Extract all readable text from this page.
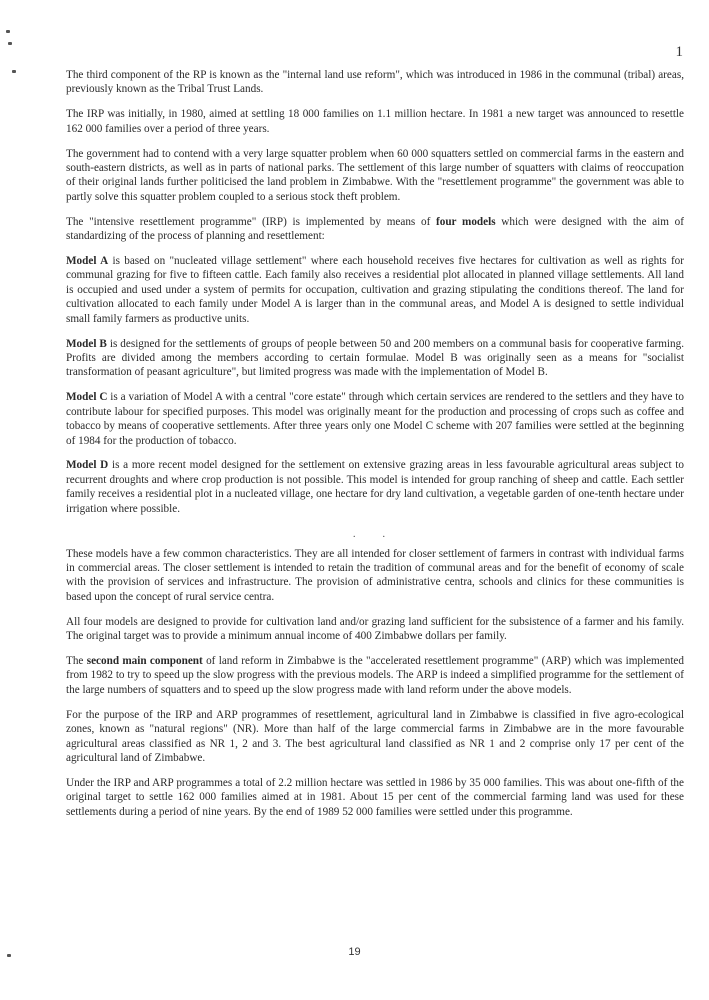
1

The third component of the RP is known as the "internal land use reform", which was introduced in 1986 in the communal (tribal) areas, previously known as the Tribal Trust Lands.

The IRP was initially, in 1980, aimed at settling 18 000 families on 1.1 million hectare. In 1981 a new target was announced to resettle 162 000 families over a period of three years.

The government had to contend with a very large squatter problem when 60 000 squatters settled on commercial farms in the eastern and south-eastern districts, as well as in parts of national parks. The settlement of this large number of squatters with claims of reoccupation of their original lands further politicised the land problem in Zimbabwe. With the "resettlement programme" the government was able to partly solve this squatter problem coupled to a serious stock theft problem.

The "intensive resettlement programme" (IRP) is implemented by means of four models which were designed with the aim of standardizing of the process of planning and resettlement:

Model A is based on "nucleated village settlement" where each household receives five hectares for cultivation as well as rights for communal grazing for five to fifteen cattle. Each family also receives a residential plot allocated in planned village settlements. All land is occupied and used under a system of permits for occupation, cultivation and grazing stipulating the conditions thereof. The land for cultivation allocated to each family under Model A is larger than in the communal areas, and Model A is designed to settle individual small family farmers as productive units.

Model B is designed for the settlements of groups of people between 50 and 200 members on a communal basis for cooperative farming. Profits are divided among the members according to certain formulae. Model B was originally seen as a means for "socialist transformation of peasant agriculture", but limited progress was made with the implementation of Model B.

Model C is a variation of Model A with a central "core estate" through which certain services are rendered to the settlers and they have to contribute labour for specified purposes. This model was originally meant for the production and processing of crops such as coffee and tobacco by means of cooperative settlements. After three years only one Model C scheme with 207 families were settled at the beginning of 1984 for the production of tobacco.

Model D is a more recent model designed for the settlement on extensive grazing areas in less favourable agricultural areas subject to recurrent droughts and where crop production is not possible. This model is intended for group ranching of sheep and cattle. Each settler family receives a residential plot in a nucleated village, one hectare for dry land cultivation, a vegetable garden of one-tenth hectare under irrigation where possible.

. .

These models have a few common characteristics. They are all intended for closer settlement of farmers in contrast with individual farms in commercial areas. The closer settlement is intended to retain the tradition of communal areas and for the benefit of economy of scale with the provision of services and infrastructure. The provision of administrative centra, schools and clinics for these communities is based upon the concept of rural service centra.

All four models are designed to provide for cultivation land and/or grazing land sufficient for the subsistence of a farmer and his family. The original target was to provide a minimum annual income of 400 Zimbabwe dollars per family.

The second main component of land reform in Zimbabwe is the "accelerated resettlement programme" (ARP) which was implemented from 1982 to try to speed up the slow progress with the previous models. The ARP is indeed a simplified programme for the settlement of the large numbers of squatters and to speed up the slow progress made with land reform under the above models.

For the purpose of the IRP and ARP programmes of resettlement, agricultural land in Zimbabwe is classified in five agro-ecological zones, known as "natural regions" (NR). More than half of the large commercial farms in Zimbabwe are in the more favourable agricultural areas classified as NR 1, 2 and 3. The best agricultural land classified as NR 1 and 2 comprise only 17 per cent of the agricultural land of Zimbabwe.

Under the IRP and ARP programmes a total of 2.2 million hectare was settled in 1986 by 35 000 families. This was about one-fifth of the original target to settle 162 000 families aimed at in 1981. About 15 per cent of the commercial farming land was used for these settlements during a period of nine years. By the end of 1989 52 000 families were settled under this programme.

19
